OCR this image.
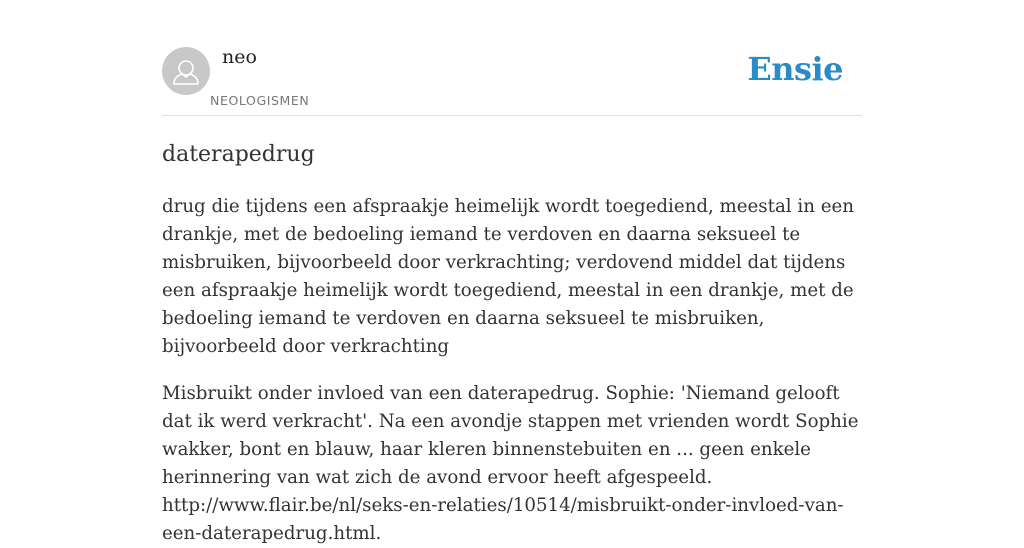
neo
NEOLOGISMEN
Ensie
daterapedrug

drug die tijdens een afspraakje heimelijk wordt toegediend, meestal in een drankje, met de bedoeling iemand te verdoven en daarna seksueel te misbruiken, bijvoorbeeld door verkrachting; verdovend middel dat tijdens een afspraakje heimelijk wordt toegediend, meestal in een drankje, met de bedoeling iemand te verdoven en daarna seksueel te misbruiken, bijvoorbeeld door verkrachting

Misbruikt onder invloed van een daterapedrug. Sophie: 'Niemand gelooft dat ik werd verkracht'. Na een avondje stappen met vrienden wordt Sophie wakker, bont en blauw, haar kleren binnenstebuiten en ... geen enkele herinnering van wat zich de avond ervoor heeft afgespeeld. http://www.flair.be/nl/seks-en-relaties/10514/misbruikt-onder-invloed-van-een-daterapedrug.html.
